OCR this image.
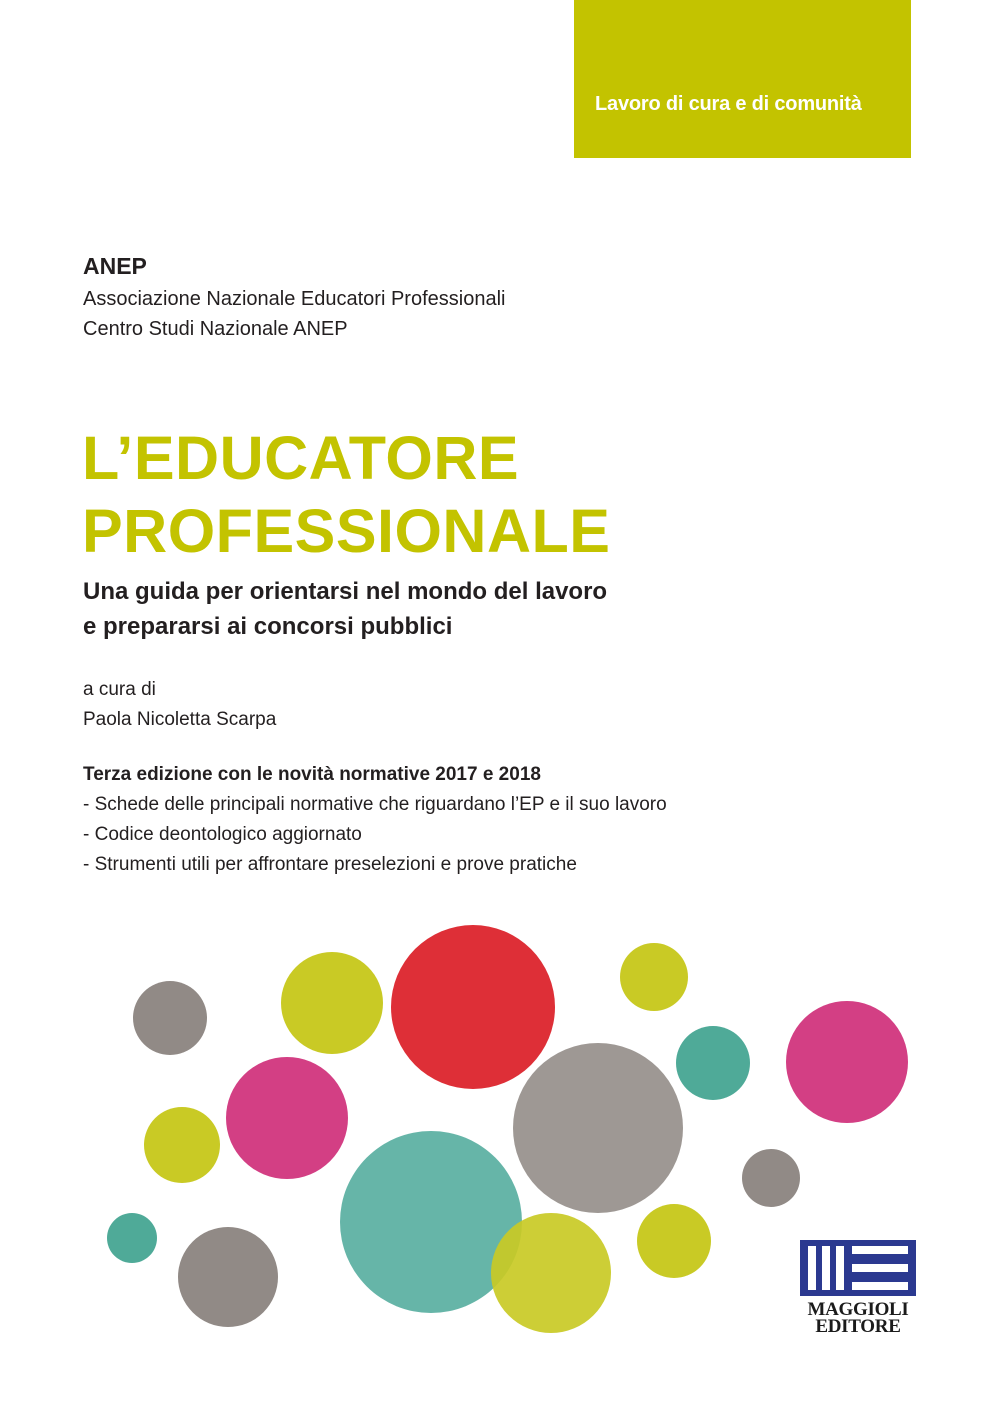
Lavoro di cura e di comunità
ANEP
Associazione Nazionale Educatori Professionali
Centro Studi Nazionale ANEP
L’EDUCATORE
PROFESSIONALE
Una guida per orientarsi nel mondo del lavoro
e prepararsi ai concorsi pubblici
a cura di
Paola Nicoletta Scarpa
Terza edizione con le novità normative 2017 e 2018
- Schede delle principali normative che riguardano l’EP e il suo lavoro
- Codice deontologico aggiornato
- Strumenti utili per affrontare preselezioni e prove pratiche
MAGGIOLI
EDITORE
